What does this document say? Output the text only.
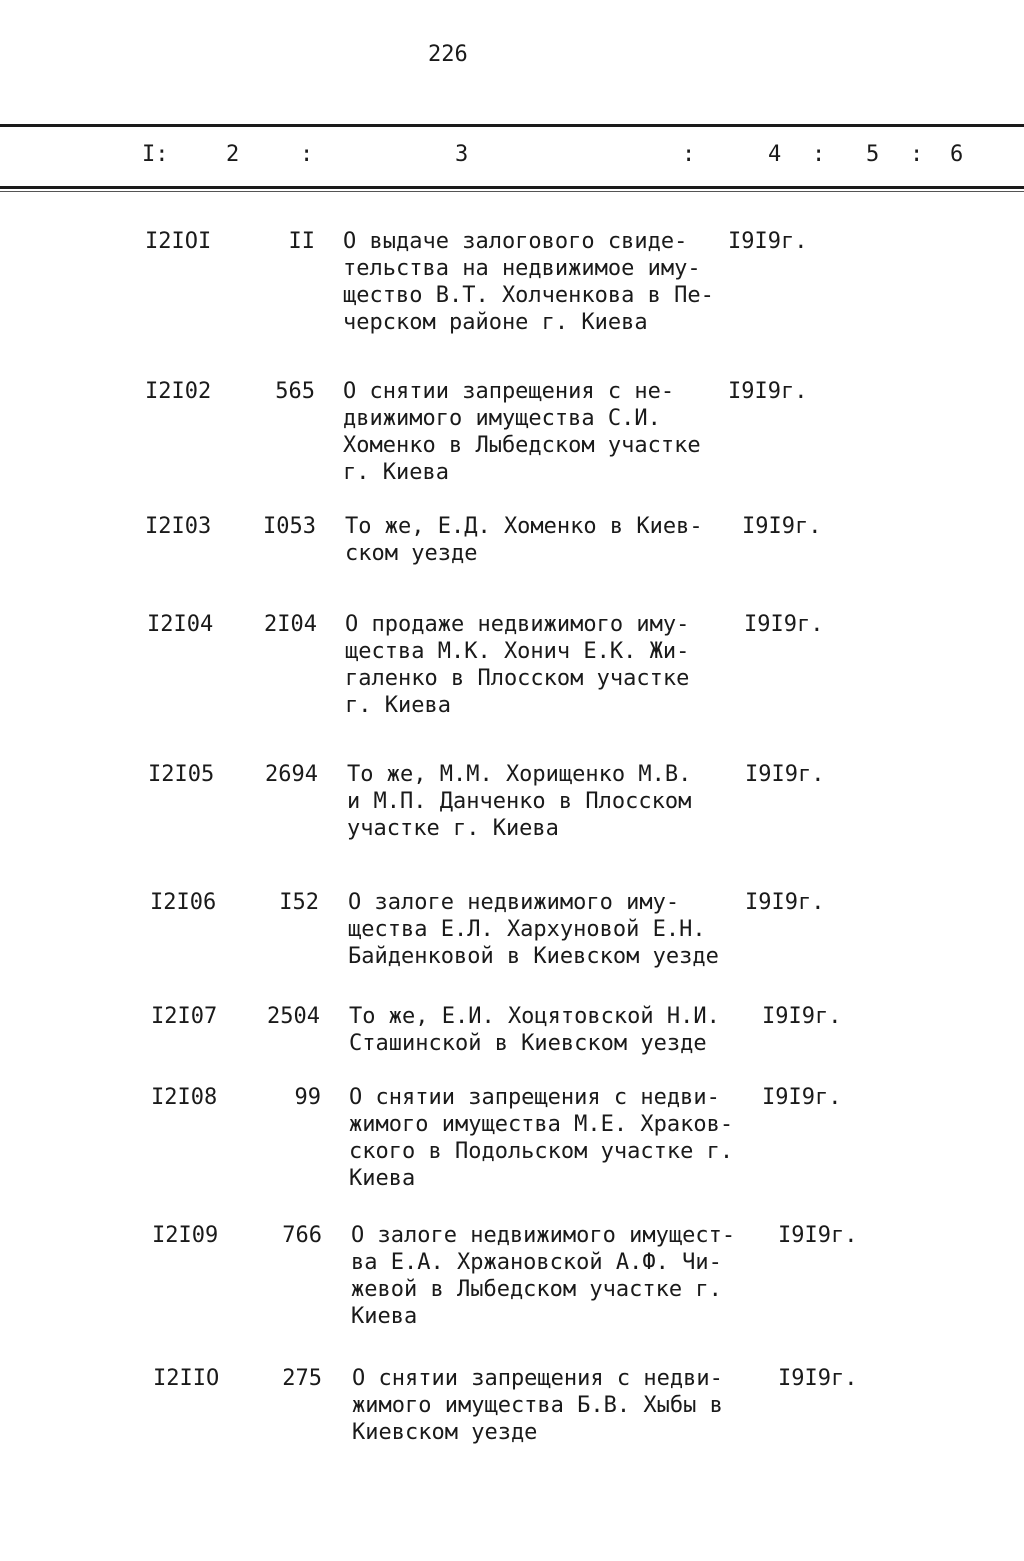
226
I:	2	:	3	:	4 : 5 : 6
I2IOI	II О выдаче залогового свиде-
тельства на недвижимое иму-
щество В.Т. Холченкова в Пе-
черском районе г. Киева
I9I9г.
I2I02	565 О снятии запрещения с не-
движимого имущества С.И.
Хоменко в Лыбедском участке
г. Киева
I9I9г.
I2I03	I053 То же, Е.Д. Хоменко в Киев-
ском уезде
I9I9г.
I2I04	2I04 О продаже недвижимого иму-
щества М.К. Хонич Е.К. Жи-
галенко в Плосском участке
г. Киева
I9I9г.
I2I05	2694 То же, М.М. Хорищенко М.В.
и М.П. Данченко в Плосском
участке г. Киева
I9I9г.
I2I06	I52 О залоге недвижимого иму-
щества Е.Л. Хархуновой Е.Н.
Байденковой в Киевском уезде
I9I9г.
I2I07	2504 То же, Е.И. Хоцятовской Н.И.
Сташинской в Киевском уезде
I9I9г.
I2I08	99 О снятии запрещения с недви-
жимого имущества М.Е. Храков-
ского в Подольском участке г.
Киева
I9I9г.
I2I09	766 О залоге недвижимого имущест-
ва Е.А. Хржановской А.Ф. Чи-
жевой в Лыбедском участке г.
Киева
I9I9г.
I2IIO	275 О снятии запрещения с недви-
жимого имущества Б.В. Хыбы в
Киевском уезде
I9I9г.
